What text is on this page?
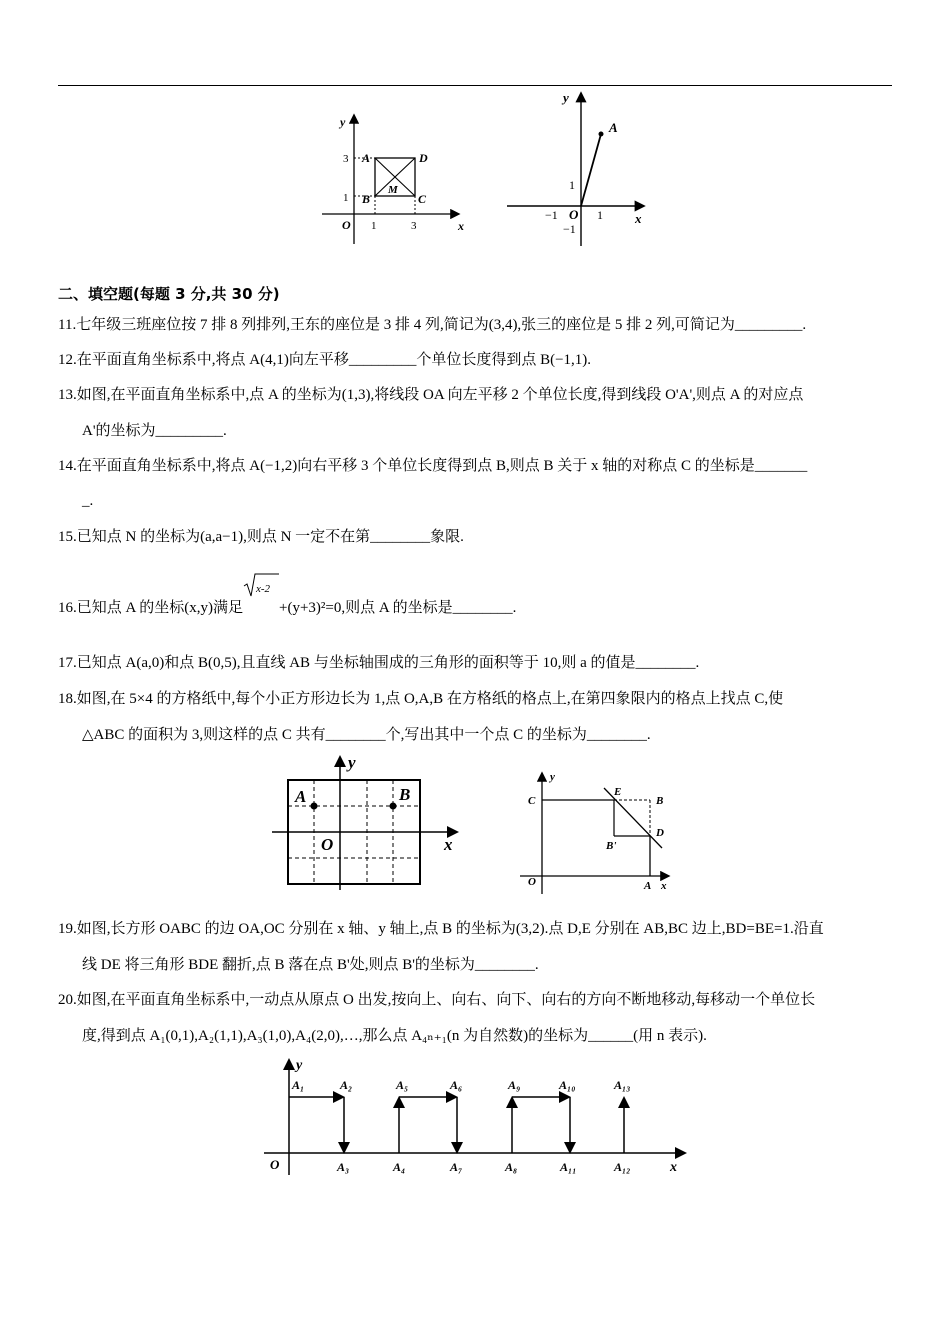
y
x
O 1	3
1
3 A
B	C
D
M
y
x
A
O
1
−1	1
−1
二、填空题(每题 3 分,共 30 分)
11.七年级三班座位按 7 排 8 列排列,王东的座位是 3 排 4 列,简记为(3,4),张三的座位是 5 排 2 列,可简记为_________.
12.在平面直角坐标系中,将点 A(4,1)向左平移_________个单位长度得到点 B(−1,1).
13.如图,在平面直角坐标系中,点 A 的坐标为(1,3),将线段 OA 向左平移 2 个单位长度,得到线段 O'A',则点 A 的对应点
A'的坐标为_________.
14.在平面直角坐标系中,将点 A(−1,2)向右平移 3 个单位长度得到点 B,则点 B 关于 x 轴的对称点 C 的坐标是_______
_.
15.已知点 N 的坐标为(a,a−1),则点 N 一定不在第________象限.
16.已知点 A 的坐标(x,y)满足
x-2
+(y+3)²=0,则点 A 的坐标是________.
17.已知点 A(a,0)和点 B(0,5),且直线 AB 与坐标轴围成的三角形的面积等于 10,则 a 的值是________.
18.如图,在 5×4 的方格纸中,每个小正方形边长为 1,点 O,A,B 在方格纸的格点上,在第四象限内的格点上找点 C,使
△ABC 的面积为 3,则这样的点 C 共有________个,写出其中一个点 C 的坐标为________.
y
x
A	B
O
y
x
C
E
B
D
B'
O	A
19.如图,长方形 OABC 的边 OA,OC 分别在 x 轴、y 轴上,点 B 的坐标为(3,2).点 D,E 分别在 AB,BC 边上,BD=BE=1.沿直
线 DE 将三角形 BDE 翻折,点 B 落在点 B'处,则点 B'的坐标为________.
20.如图,在平面直角坐标系中,一动点从原点 O 出发,按向上、向右、向下、向右的方向不断地移动,每移动一个单位长
度,得到点 A₁(0,1),A₂(1,1),A₃(1,0),A₄(2,0),…,那么点 A₄ₙ₊₁(n 为自然数)的坐标为______(用 n 表示).
y
x
O
A₁	A₂
A₃	A₄
A₅	A₆
A₇	A₈
A₉	A₁₀
A₁₁	A₁₂
A₁₃
